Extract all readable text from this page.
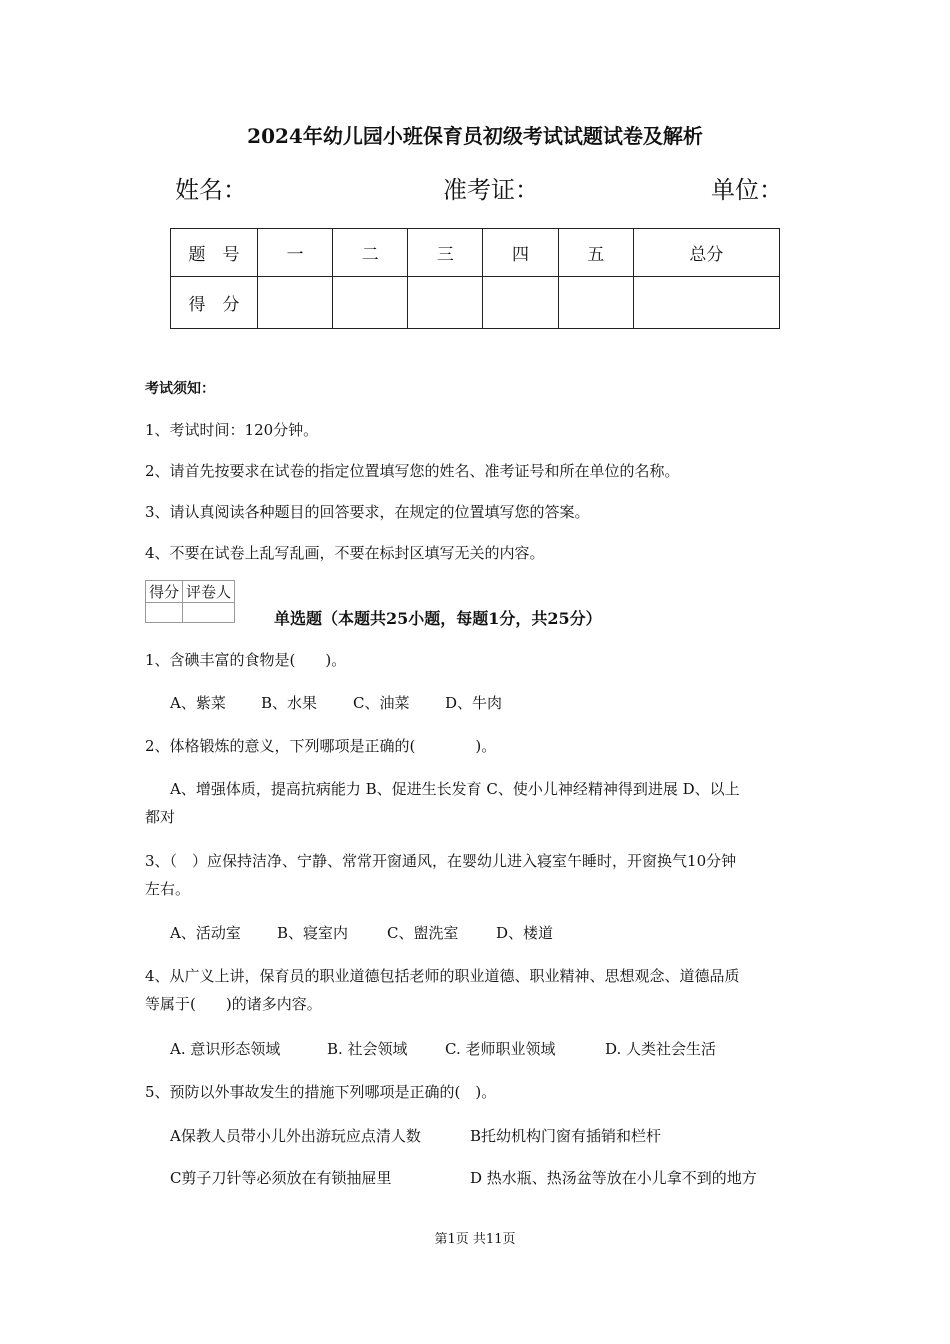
2024年幼儿园小班保育员初级考试试题试卷及解析
姓名：	准考证：	单位：
题　号	一	二	三	四	五	总分
得　分						
考试须知：
1、考试时间：120分钟。
2、请首先按要求在试卷的指定位置填写您的姓名、准考证号和所在单位的名称。
3、请认真阅读各种题目的回答要求，在规定的位置填写您的答案。
4、不要在试卷上乱写乱画，不要在标封区填写无关的内容。
得分	评卷人

单选题（本题共25小题，每题1分，共25分）
1、含碘丰富的食物是(　　)。
A、紫菜 B、水果 C、油菜 D、牛肉
2、体格锻炼的意义，下列哪项是正确的(　　　　)。
A、增强体质，提高抗病能力 B、促进生长发育 C、使小儿神经精神得到进展 D、以上
都对
3、（　）应保持洁净、宁静、常常开窗通风，在婴幼儿进入寝室午睡时，开窗换气10分钟
左右。
A、活动室 B、寝室内	C、盥洗室	D、楼道
4、从广义上讲，保育员的职业道德包括老师的职业道德、职业精神、思想观念、道德品质
等属于(　　)的诸多内容。
A. 意识形态领域	B. 社会领域 C. 老师职业领域	D. 人类社会生活
5、预防以外事故发生的措施下列哪项是正确的(　)。
A保教人员带小儿外出游玩应点清人数	B托幼机构门窗有插销和栏杆
C剪子刀针等必须放在有锁抽屉里	D 热水瓶、热汤盆等放在小儿拿不到的地方
第1页 共11页
